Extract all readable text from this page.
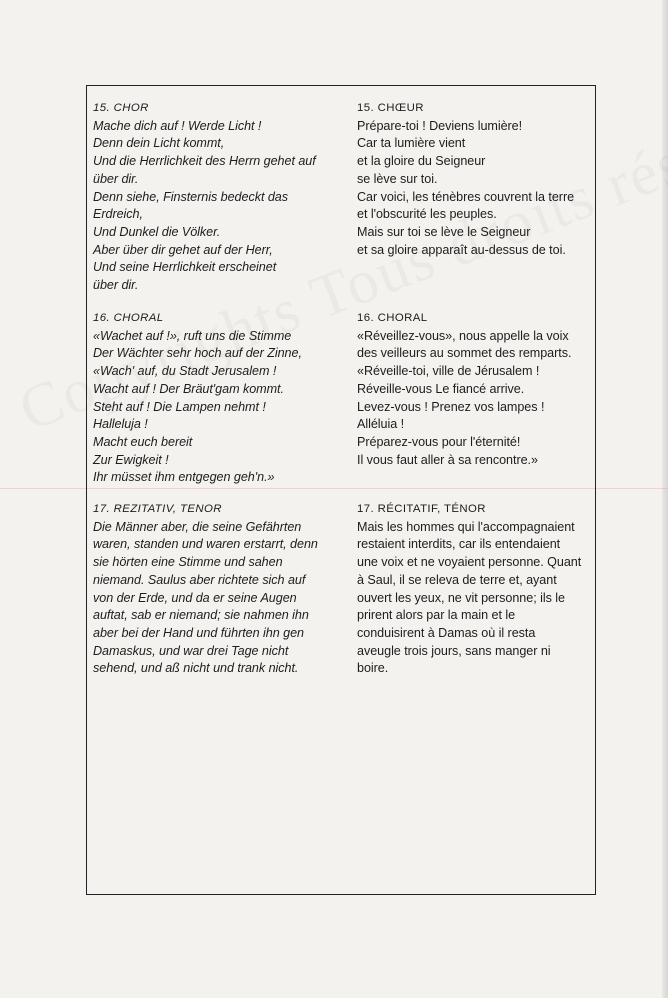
15. CHOR
Mache dich auf ! Werde Licht !
Denn dein Licht kommt,
Und die Herrlichkeit des Herrn gehet auf
über dir.
Denn siehe, Finsternis bedeckt das
Erdreich,
Und Dunkel die Völker.
Aber über dir gehet auf der Herr,
Und seine Herrlichkeit erscheinet
über dir.
16. CHORAL
«Wachet auf !», ruft uns die Stimme
Der Wächter sehr hoch auf der Zinne,
«Wach' auf, du Stadt Jerusalem !
Wacht auf ! Der Bräut'gam kommt.
Steht auf ! Die Lampen nehmt !
Halleluja !
Macht euch bereit
Zur Ewigkeit !
Ihr müsset ihm entgegen geh'n.»
17. REZITATIV, TENOR
Die Männer aber, die seine Gefährten
waren, standen und waren erstarrt, denn
sie hörten eine Stimme und sahen
niemand. Saulus aber richtete sich auf
von der Erde, und da er seine Augen
auftat, sab er niemand; sie nahmen ihn
aber bei der Hand und führten ihn gen
Damaskus, und war drei Tage nicht
sehend, und aß nicht und trank nicht.
15. CHŒUR
Prépare-toi ! Deviens lumière!
Car ta lumière vient
et la gloire du Seigneur
se lève sur toi.
Car voici, les ténèbres couvrent la terre
et l'obscurité les peuples.
Mais sur toi se lève le Seigneur
et sa gloire apparaît au-dessus de toi.
16. CHORAL
«Réveillez-vous», nous appelle la voix
des veilleurs au sommet des remparts.
«Réveille-toi, ville de Jérusalem !
Réveille-vous Le fiancé arrive.
Levez-vous ! Prenez vos lampes !
Alléluia !
Préparez-vous pour l'éternité!
Il vous faut aller à sa rencontre.»
17. RÉCITATIF, TÉNOR
Mais les hommes qui l'accompagnaient
restaient interdits, car ils entendaient
une voix et ne voyaient personne. Quant
à Saul, il se releva de terre et, ayant
ouvert les yeux, ne vit personne; ils le
prirent alors par la main et le
conduisirent à Damas où il resta
aveugle trois jours, sans manger ni
boire.
